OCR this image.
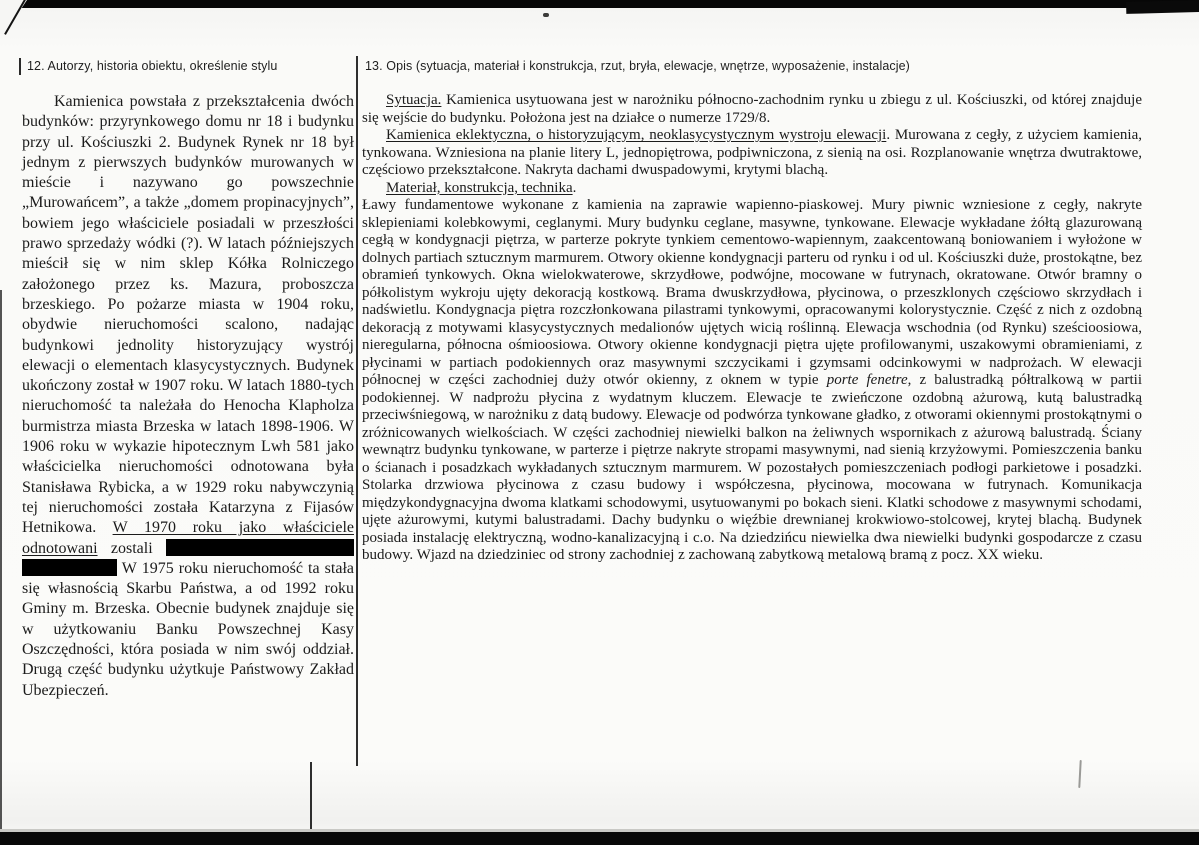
12. Autorzy, historia obiektu, określenie stylu	13. Opis (sytuacja, materiał i konstrukcja, rzut, bryła, elewacje, wnętrze, wyposażenie, instalacje)

Kamienica powstała z przekształcenia dwóch budynków: przyrynkowego domu nr 18 i budynku przy ul. Kościuszki 2. Budynek Rynek nr 18 był jednym z pierwszych budynków murowanych w mieście i nazywano go powszechnie „Murowańcem”, a także „domem propinacyjnych”, bowiem jego właściciele posiadali w przeszłości prawo sprzedaży wódki (?). W latach późniejszych mieścił się w nim sklep Kółka Rolniczego założonego przez ks. Mazura, proboszcza brzeskiego. Po pożarze miasta w 1904 roku, obydwie nieruchomości scalono, nadając budynkowi jednolity historyzujący wystrój elewacji o elementach klasycystycznych. Budynek ukończony został w 1907 roku. W latach 1880-tych nieruchomość ta należała do Henocha Klapholza burmistrza miasta Brzeska w latach 1898-1906. W 1906 roku w wykazie hipotecznym Lwh 581 jako właścicielka nieruchomości odnotowana była Stanisława Rybicka, a w 1929 roku nabywczynią tej nieruchomości została Katarzyna z Fijasów Hetnikowa. W 1970 roku jako właściciele odnotowani zostali   W 1975 roku nieruchomość ta stała się własnością Skarbu Państwa, a od 1992 roku Gminy m. Brzeska. Obecnie budynek znajduje się w użytkowaniu Banku Powszechnej Kasy Oszczędności, która posiada w nim swój oddział. Drugą część budynku użytkuje Państwowy Zakład Ubezpieczeń.

Sytuacja. Kamienica usytuowana jest w narożniku północno-zachodnim rynku u zbiegu z ul. Kościuszki, od której znajduje się wejście do budynku. Położona jest na działce o numerze 1729/8.

Kamienica eklektyczna, o historyzującym, neoklasycystycznym wystroju elewacji. Murowana z cegły, z użyciem kamienia, tynkowana. Wzniesiona na planie litery L, jednopiętrowa, podpiwniczona, z sienią na osi. Rozplanowanie wnętrza dwutraktowe, częściowo przekształcone. Nakryta dachami dwuspadowymi, krytymi blachą.

Materiał, konstrukcja, technika.

Ławy fundamentowe wykonane z kamienia na zaprawie wapienno-piaskowej. Mury piwnic wzniesione z cegły, nakryte sklepieniami kolebkowymi, ceglanymi. Mury budynku ceglane, masywne, tynkowane. Elewacje wykładane żółtą glazurowaną cegłą w kondygnacji piętrza, w parterze pokryte tynkiem cementowo-wapiennym, zaakcentowaną boniowaniem i wyłożone w dolnych partiach sztucznym marmurem. Otwory okienne kondygnacji parteru od rynku i od ul. Kościuszki duże, prostokątne, bez obramień tynkowych. Okna wielokwaterowe, skrzydłowe, podwójne, mocowane w futrynach, okratowane. Otwór bramny o półkolistym wykroju ujęty dekoracją kostkową. Brama dwuskrzydłowa, płycinowa, o przeszklonych częściowo skrzydłach i nadświetlu. Kondygnacja piętra rozczłonkowana pilastrami tynkowymi, opracowanymi kolorystycznie. Część z nich z ozdobną dekoracją z motywami klasycystycznych medalionów ujętych wicią roślinną. Elewacja wschodnia (od Rynku) sześcioosiowa, nieregularna, północna ośmioosiowa. Otwory okienne kondygnacji piętra ujęte profilowanymi, uszakowymi obramieniami, z płycinami w partiach podokiennych oraz masywnymi szczycikami i gzymsami odcinkowymi w nadprożach. W elewacji północnej w części zachodniej duży otwór okienny, z oknem w typie porte fenetre, z balustradką półtralkową w partii podokiennej. W nadprożu płycina z wydatnym kluczem. Elewacje te zwieńczone ozdobną ażurową, kutą balustradką przeciwśniegową, w narożniku z datą budowy. Elewacje od podwórza tynkowane gładko, z otworami okiennymi prostokątnymi o zróżnicowanych wielkościach. W części zachodniej niewielki balkon na żeliwnych wspornikach z ażurową balustradą. Ściany wewnątrz budynku tynkowane, w parterze i piętrze nakryte stropami masywnymi, nad sienią krzyżowymi. Pomieszczenia banku o ścianach i posadzkach wykładanych sztucznym marmurem. W pozostałych pomieszczeniach podłogi parkietowe i posadzki. Stolarka drzwiowa płycinowa z czasu budowy i współczesna, płycinowa, mocowana w futrynach. Komunikacja międzykondygnacyjna dwoma klatkami schodowymi, usytuowanymi po bokach sieni. Klatki schodowe z masywnymi schodami, ujęte ażurowymi, kutymi balustradami. Dachy budynku o więźbie drewnianej krokwiowo-stolcowej, krytej blachą. Budynek posiada instalację elektryczną, wodno-kanalizacyjną i c.o. Na dziedzińcu niewielka dwa niewielki budynki gospodarcze z czasu budowy. Wjazd na dziedziniec od strony zachodniej z zachowaną zabytkową metalową bramą z pocz. XX wieku.
